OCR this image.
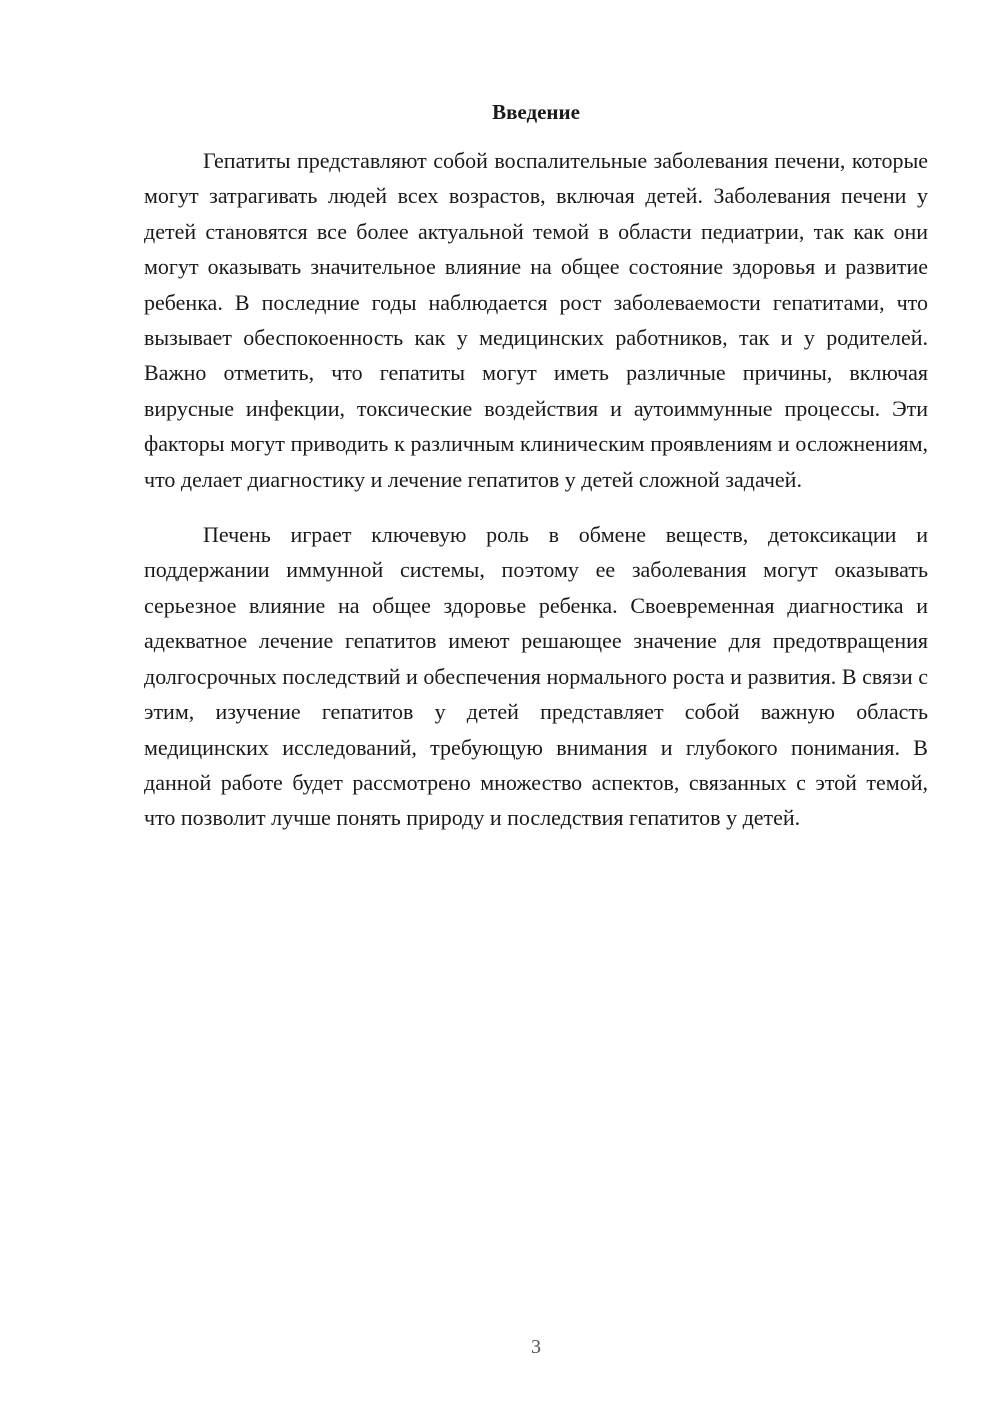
Введение

Гепатиты представляют собой воспалительные заболевания печени, которые могут затрагивать людей всех возрастов, включая детей. Заболевания печени у детей становятся все более актуальной темой в области педиатрии, так как они могут оказывать значительное влияние на общее состояние здоровья и развитие ребенка. В последние годы наблюдается рост заболеваемости гепатитами, что вызывает обеспокоенность как у медицинских работников, так и у родителей. Важно отметить, что гепатиты могут иметь различные причины, включая вирусные инфекции, токсические воздействия и аутоиммунные процессы. Эти факторы могут приводить к различным клиническим проявлениям и осложнениям, что делает диагностику и лечение гепатитов у детей сложной задачей.

Печень играет ключевую роль в обмене веществ, детоксикации и поддержании иммунной системы, поэтому ее заболевания могут оказывать серьезное влияние на общее здоровье ребенка. Своевременная диагностика и адекватное лечение гепатитов имеют решающее значение для предотвращения долгосрочных последствий и обеспечения нормального роста и развития. В связи с этим, изучение гепатитов у детей представляет собой важную область медицинских исследований, требующую внимания и глубокого понимания. В данной работе будет рассмотрено множество аспектов, связанных с этой темой, что позволит лучше понять природу и последствия гепатитов у детей.

3
